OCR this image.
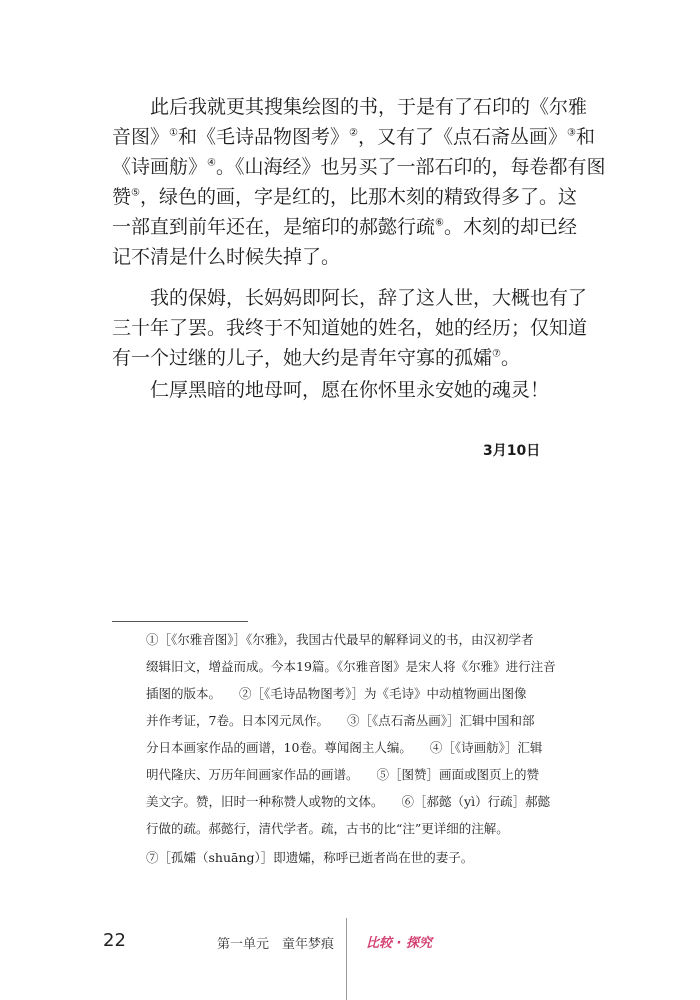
此后我就更其搜集绘图的书，于是有了石印的《尔雅
音图》①和《毛诗品物图考》②，又有了《点石斋丛画》③和
《诗画舫》④。《山海经》也另买了一部石印的，每卷都有图
赞⑤，绿色的画，字是红的，比那木刻的精致得多了。这
一部直到前年还在，是缩印的郝懿行疏⑥。木刻的却已经
记不清是什么时候失掉了。
我的保姆，长妈妈即阿长，辞了这人世，大概也有了
三十年了罢。我终于不知道她的姓名，她的经历；仅知道
有一个过继的儿子，她大约是青年守寡的孤孀⑦。
仁厚黑暗的地母呵，愿在你怀里永安她的魂灵！
3月10日
①［《尔雅音图》］《尔雅》，我国古代最早的解释词义的书，由汉初学者
缀辑旧文，增益而成。今本19篇。《尔雅音图》是宋人将《尔雅》进行注音
插图的版本。 ②［《毛诗品物图考》］为《毛诗》中动植物画出图像
并作考证，7卷。日本冈元凤作。 ③［《点石斋丛画》］汇辑中国和部
分日本画家作品的画谱，10卷。尊闻阁主人编。 ④［《诗画舫》］汇辑
明代隆庆、万历年间画家作品的画谱。 ⑤［图赞］画面或图页上的赞
美文字。赞，旧时一种称赞人或物的文体。 ⑥［郝懿（yì）行疏］郝懿
行做的疏。郝懿行，清代学者。疏，古书的比“注”更详细的注解。
⑦［孤孀（shuāng）］即遗孀，称呼已逝者尚在世的妻子。
22	第一单元　童年梦痕 比较 · 探究
